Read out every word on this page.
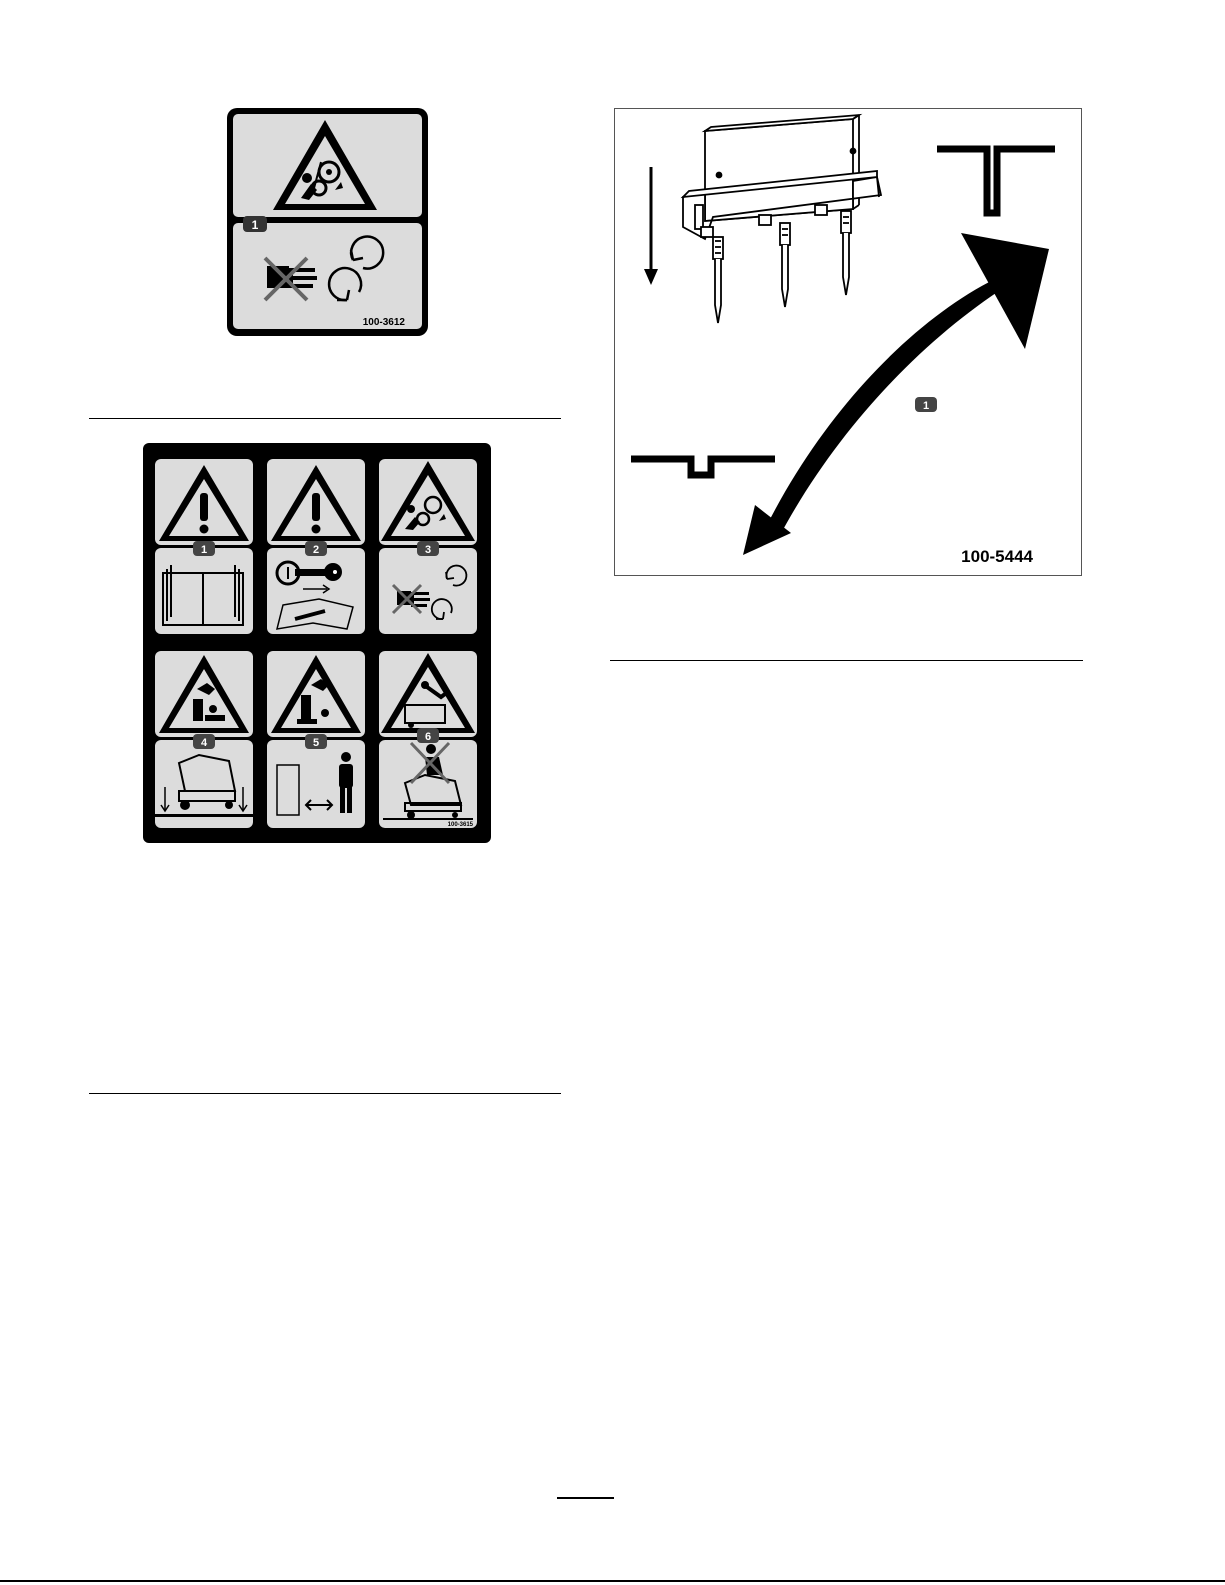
1
100-3612
1	2	3
4	5	6
100-3615
1
100-5444
